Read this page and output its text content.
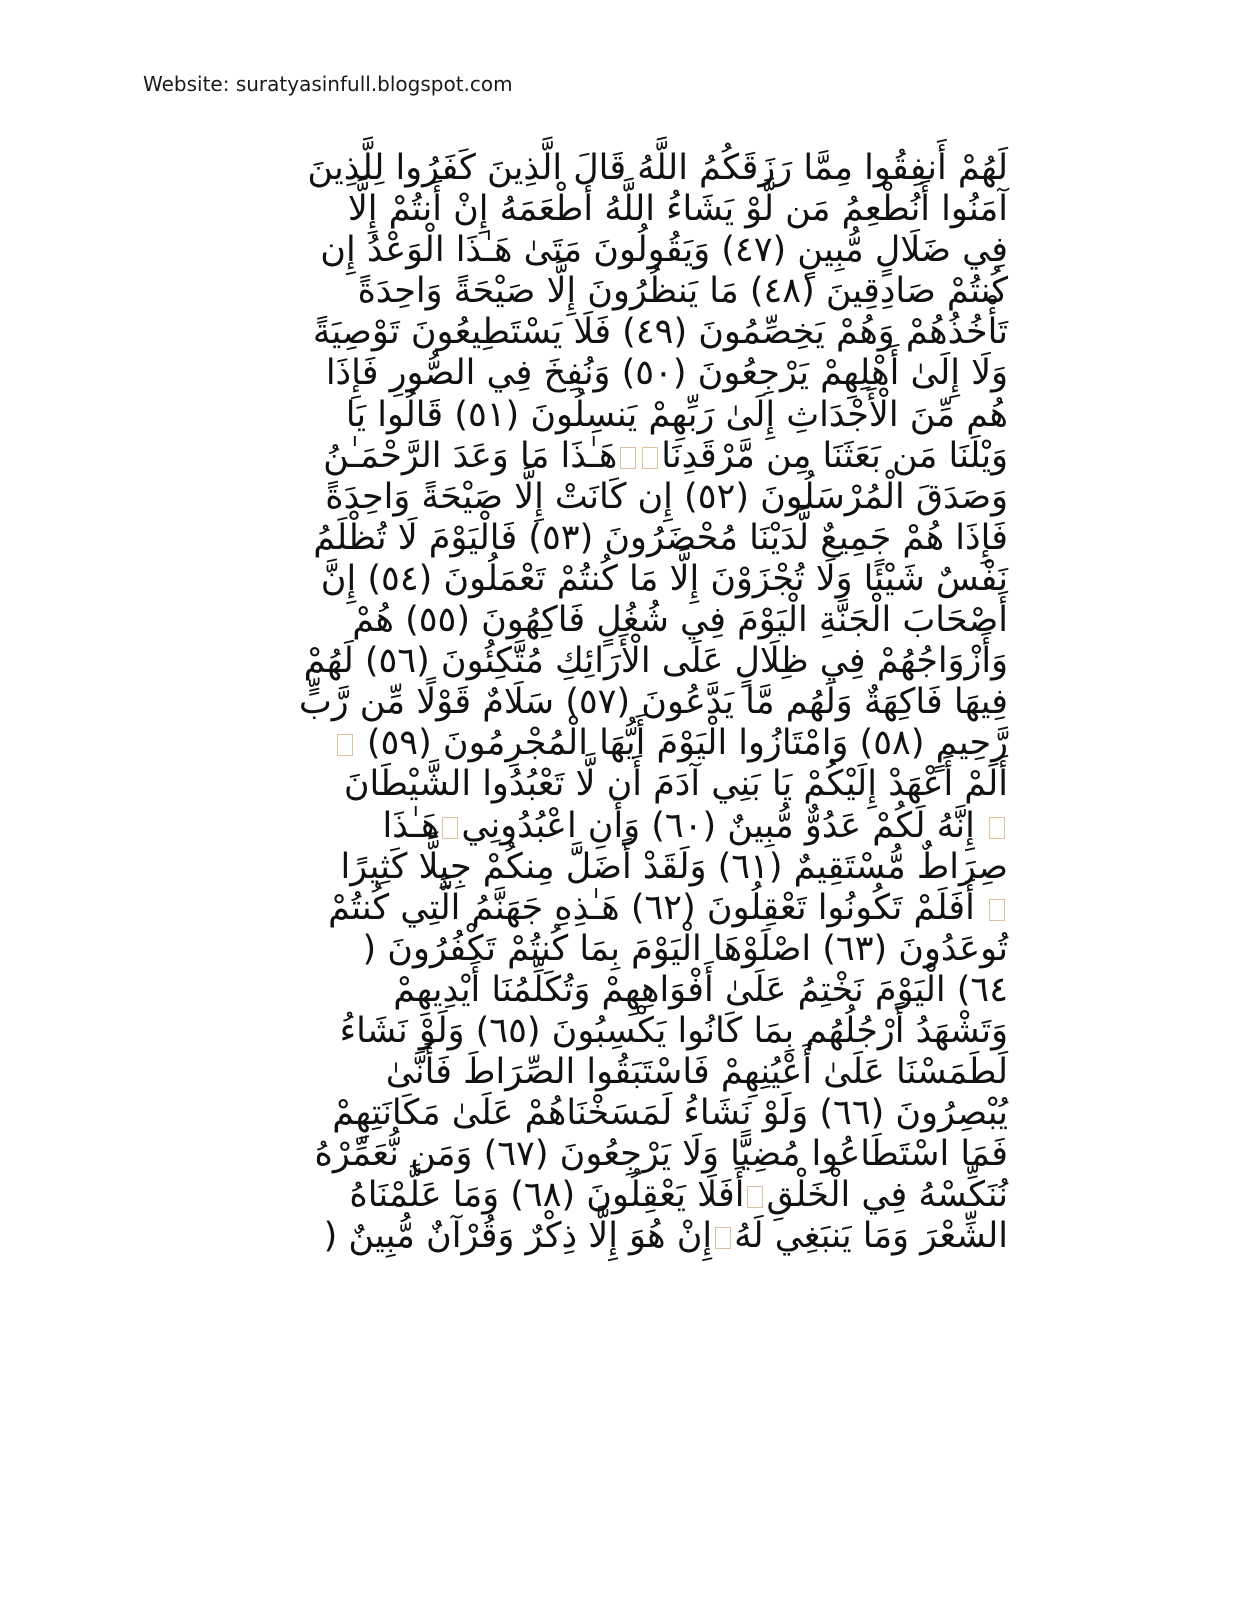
Website: suratyasinfull.blogspot.com
لَهُمْ أَنفِقُوا مِمَّا رَزَقَكُمُ اللَّهُ قَالَ الَّذِينَ كَفَرُوا لِلَّذِينَ
آمَنُوا أَنُطْعِمُ مَن لَّوْ يَشَاءُ اللَّهُ أَطْعَمَهُ إِنْ أَنتُمْ إِلَّا
فِي ضَلَالٍ مُّبِينٍ (٤٧) وَيَقُولُونَ مَتَىٰ هَـٰذَا الْوَعْدُ إِن
كُنتُمْ صَادِقِينَ (٤٨) مَا يَنظُرُونَ إِلَّا صَيْحَةً وَاحِدَةً
تَأْخُذُهُمْ وَهُمْ يَخِصِّمُونَ (٤٩) فَلَا يَسْتَطِيعُونَ تَوْصِيَةً
وَلَا إِلَىٰ أَهْلِهِمْ يَرْجِعُونَ (٥٠) وَنُفِخَ فِي الصُّورِ فَإِذَا
هُم مِّنَ الْأَجْدَاثِ إِلَىٰ رَبِّهِمْ يَنسِلُونَ (٥١) قَالُوا يَا
وَيْلَنَا مَن بَعَثَنَا مِن مَّرْقَدِنَاهَـٰذَا مَا وَعَدَ الرَّحْمَـٰنُ
وَصَدَقَ الْمُرْسَلُونَ (٥٢) إِن كَانَتْ إِلَّا صَيْحَةً وَاحِدَةً
فَإِذَا هُمْ جَمِيعٌ لَّدَيْنَا مُحْضَرُونَ (٥٣) فَالْيَوْمَ لَا تُظْلَمُ
نَفْسٌ شَيْئًا وَلَا تُجْزَوْنَ إِلَّا مَا كُنتُمْ تَعْمَلُونَ (٥٤) إِنَّ
أَصْحَابَ الْجَنَّةِ الْيَوْمَ فِي شُغُلٍ فَاكِهُونَ (٥٥) هُمْ
وَأَزْوَاجُهُمْ فِي ظِلَالٍ عَلَى الْأَرَائِكِ مُتَّكِئُونَ (٥٦) لَهُمْ
فِيهَا فَاكِهَةٌ وَلَهُم مَّا يَدَّعُونَ (٥٧) سَلَامٌ قَوْلًا مِّن رَّبٍّ
رَّحِيمٍ (٥٨) وَامْتَازُوا الْيَوْمَ أَيُّهَا الْمُجْرِمُونَ (٥٩)
أَلَمْ أَعْهَدْ إِلَيْكُمْ يَا بَنِي آدَمَ أَن لَّا تَعْبُدُوا الشَّيْطَانَ
إِنَّهُ لَكُمْ عَدُوٌّ مُّبِينٌ (٦٠) وَأَنِ اعْبُدُونِيهَـٰذَا
صِرَاطٌ مُّسْتَقِيمٌ (٦١) وَلَقَدْ أَضَلَّ مِنكُمْ جِبِلًّا كَثِيرًا
أَفَلَمْ تَكُونُوا تَعْقِلُونَ (٦٢) هَـٰذِهِ جَهَنَّمُ الَّتِي كُنتُمْ
تُوعَدُونَ (٦٣) اصْلَوْهَا الْيَوْمَ بِمَا كُنتُمْ تَكْفُرُونَ (
٦٤) الْيَوْمَ نَخْتِمُ عَلَىٰ أَفْوَاهِهِمْ وَتُكَلِّمُنَا أَيْدِيهِمْ
وَتَشْهَدُ أَرْجُلُهُم بِمَا كَانُوا يَكْسِبُونَ (٦٥) وَلَوْ نَشَاءُ
لَطَمَسْنَا عَلَىٰ أَعْيُنِهِمْ فَاسْتَبَقُوا الصِّرَاطَ فَأَنَّىٰ
يُبْصِرُونَ (٦٦) وَلَوْ نَشَاءُ لَمَسَخْنَاهُمْ عَلَىٰ مَكَانَتِهِمْ
فَمَا اسْتَطَاعُوا مُضِيًّا وَلَا يَرْجِعُونَ (٦٧) وَمَن نُّعَمِّرْهُ
نُنَكِّسْهُ فِي الْخَلْقِأَفَلَا يَعْقِلُونَ (٦٨) وَمَا عَلَّمْنَاهُ
الشِّعْرَ وَمَا يَنبَغِي لَهُإِنْ هُوَ إِلَّا ذِكْرٌ وَقُرْآنٌ مُّبِينٌ (
